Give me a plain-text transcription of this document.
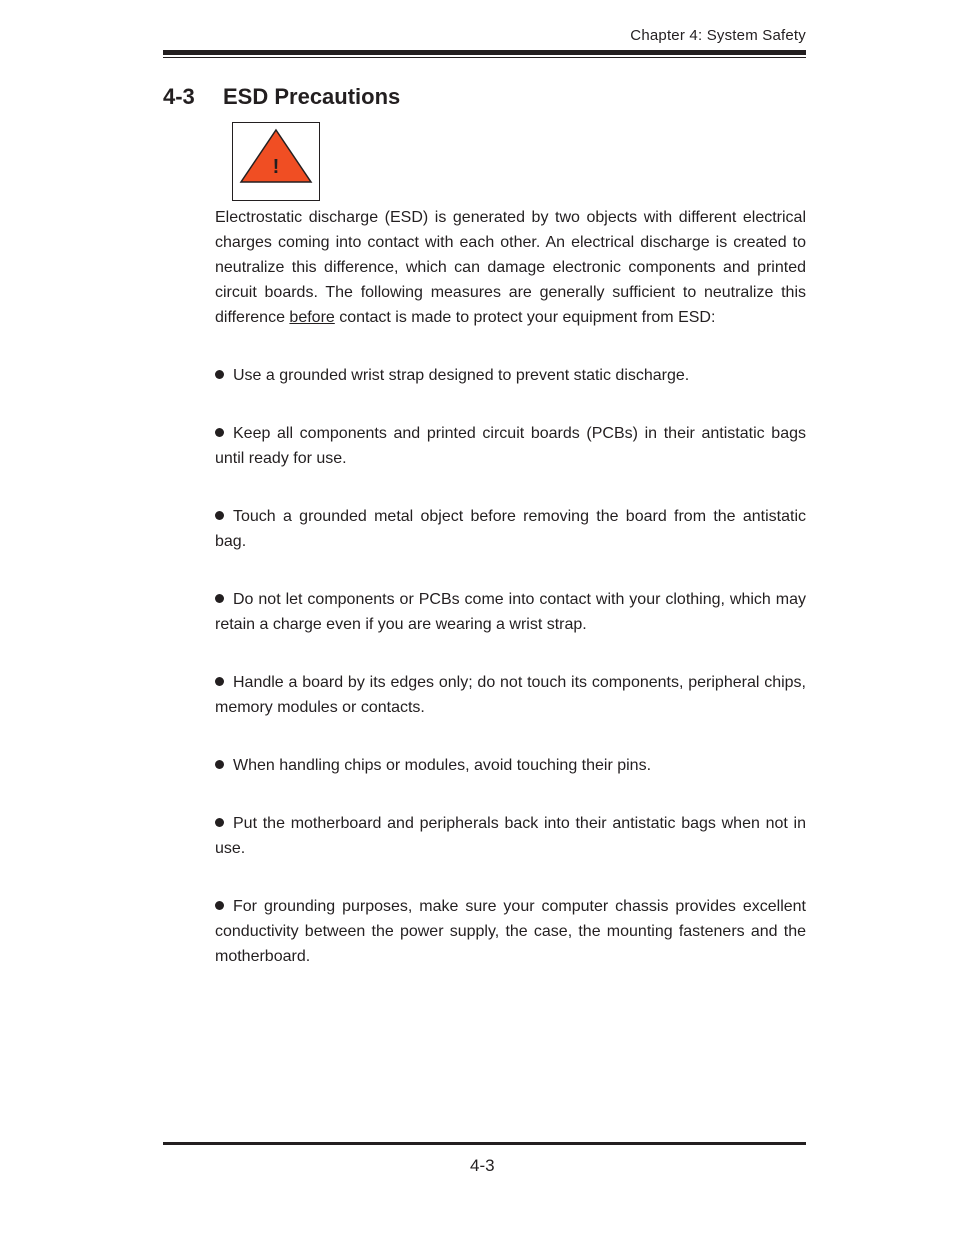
Chapter 4: System Safety
4-3 ESD Precautions
!

Electrostatic discharge (ESD) is generated by two objects with different electrical charges coming into contact with each other. An electrical discharge is created to neutralize this difference, which can damage electronic components and printed circuit boards. The following measures are generally sufficient to neutralize this difference before contact is made to protect your equipment from ESD:

Use a grounded wrist strap designed to prevent static discharge.

Keep all components and printed circuit boards (PCBs) in their antistatic bags until ready for use.

Touch a grounded metal object before removing the board from the antistatic bag.

Do not let components or PCBs come into contact with your clothing, which may retain a charge even if you are wearing a wrist strap.

Handle a board by its edges only; do not touch its components, peripheral chips, memory modules or contacts.

When handling chips or modules, avoid touching their pins.

Put the motherboard and peripherals back into their antistatic bags when not in use.

For grounding purposes, make sure your computer chassis provides excellent conductivity between the power supply, the case, the mounting fasteners and the motherboard.

4-3
